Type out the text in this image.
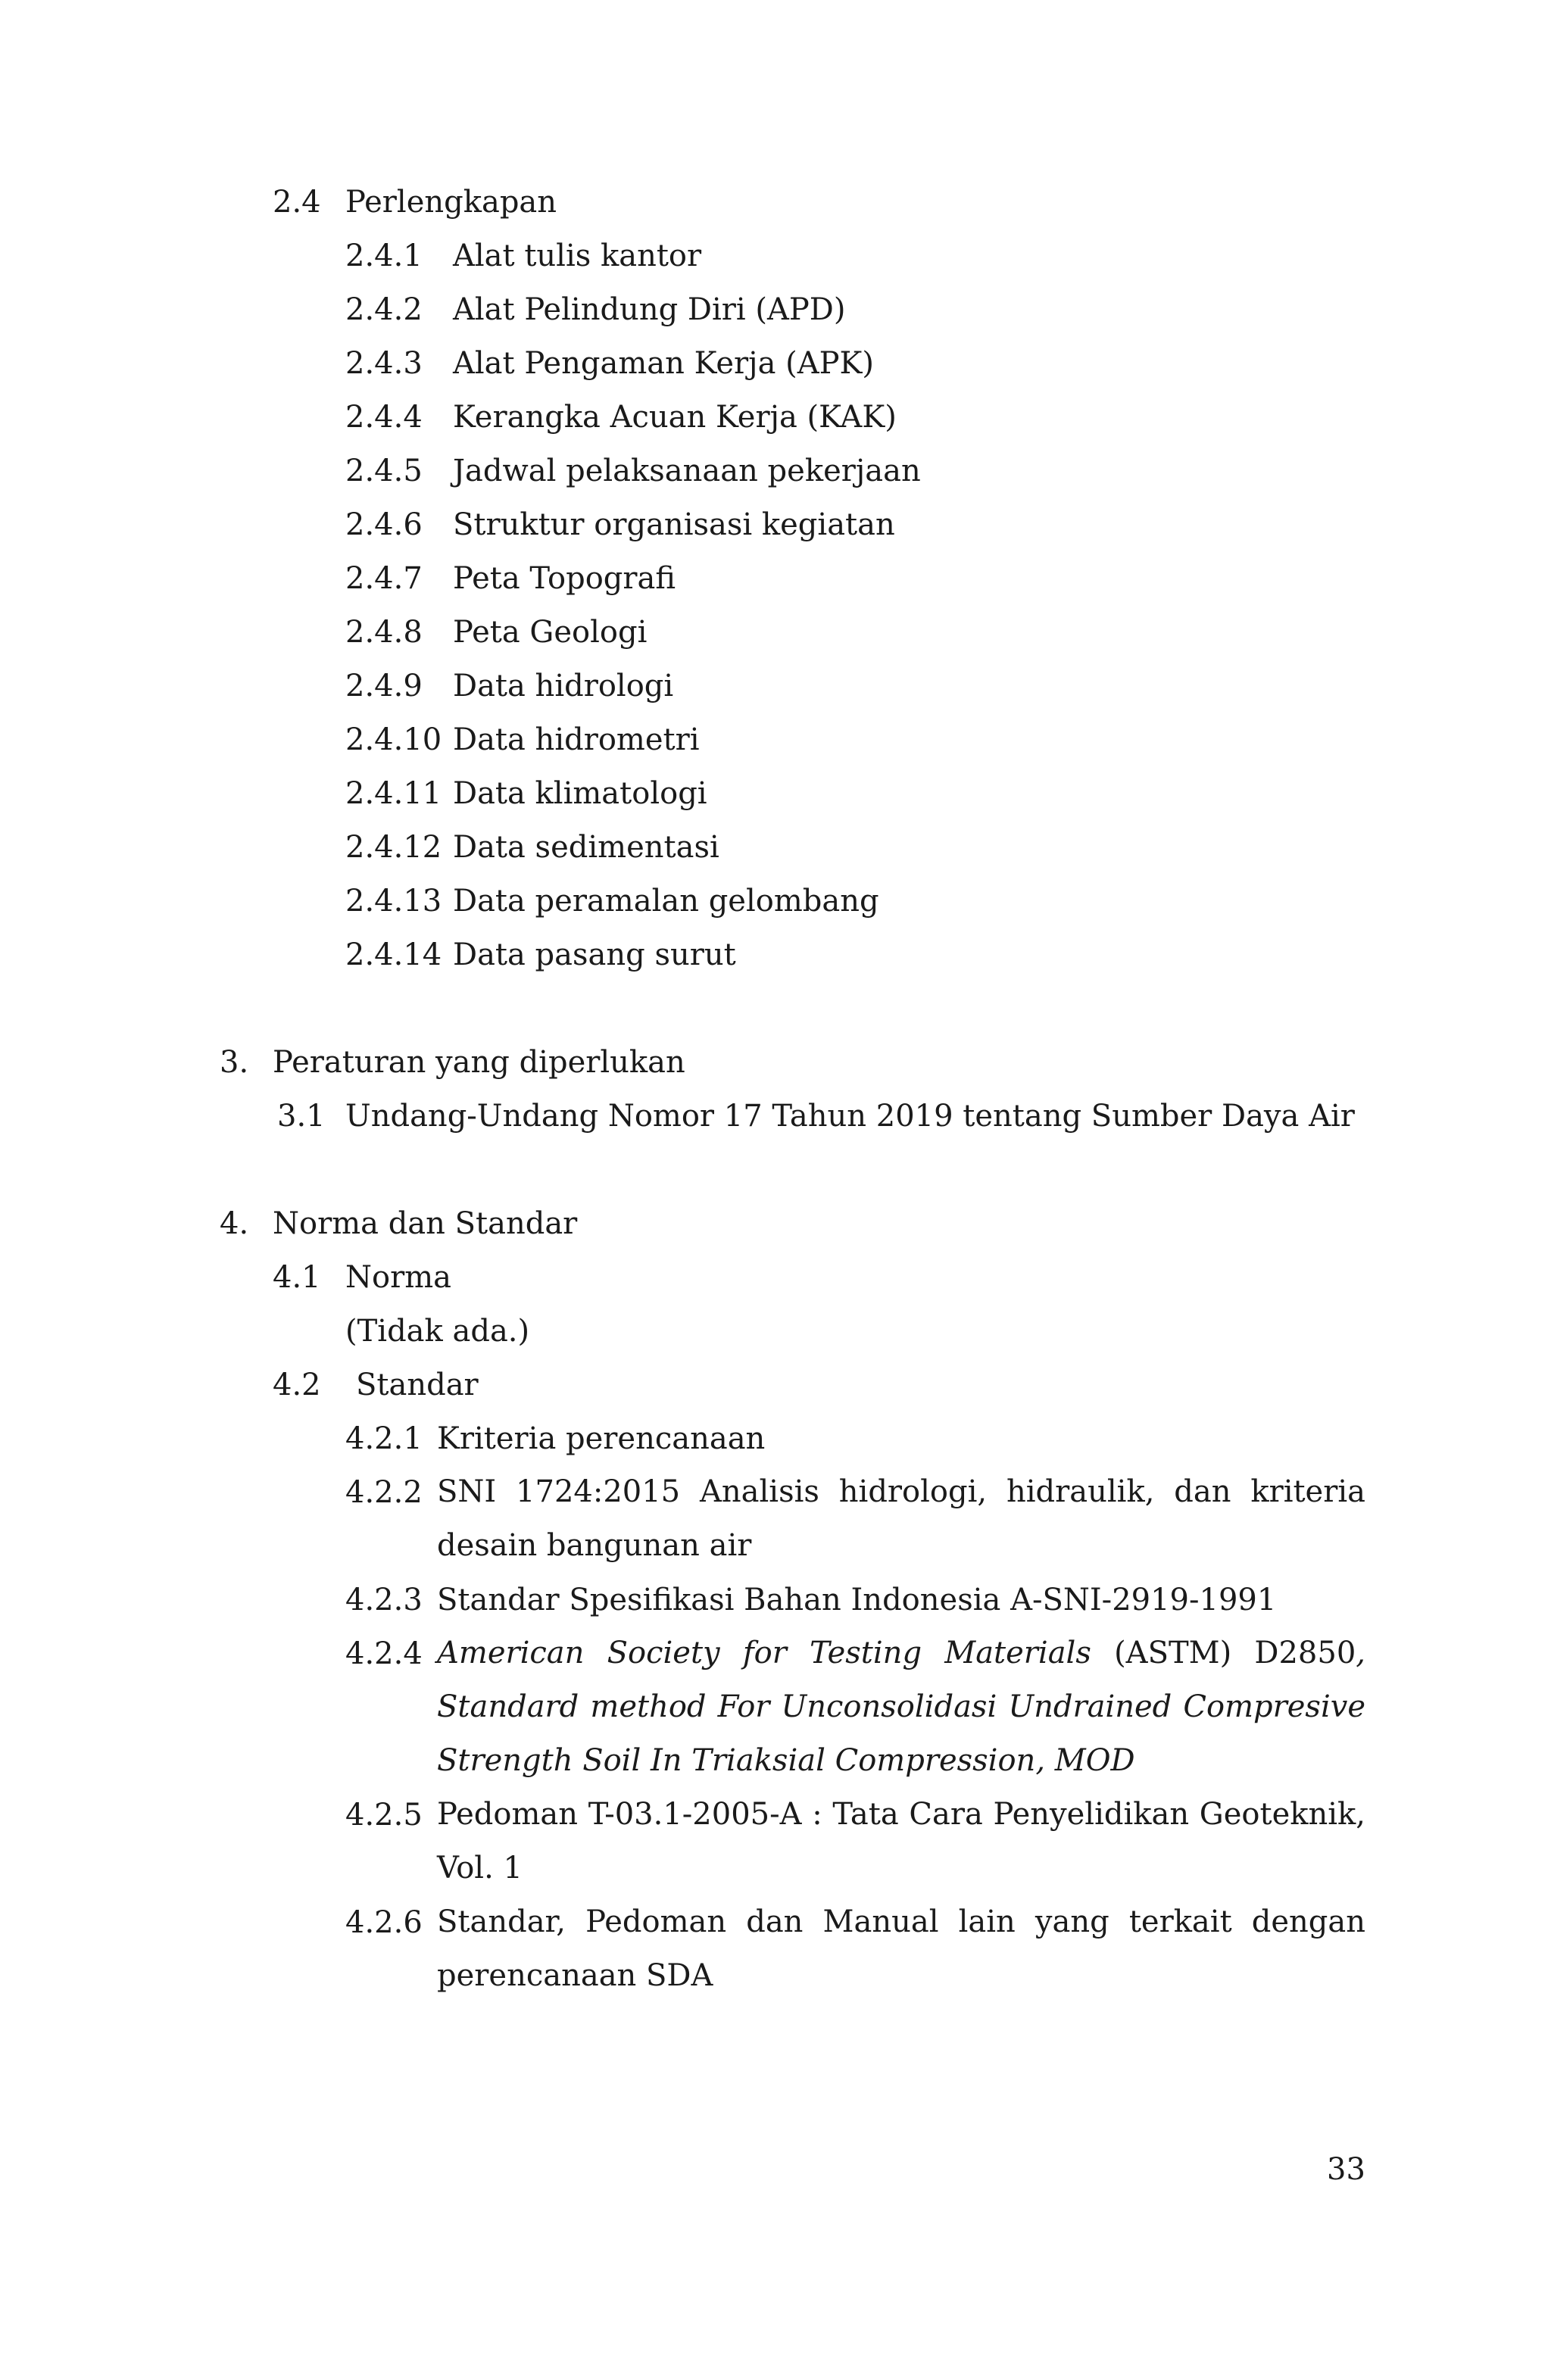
2.4 Perlengkapan
2.4.1 Alat tulis kantor
2.4.2 Alat Pelindung Diri (APD)
2.4.3 Alat Pengaman Kerja (APK)
2.4.4 Kerangka Acuan Kerja (KAK)
2.4.5 Jadwal pelaksanaan pekerjaan
2.4.6 Struktur organisasi kegiatan
2.4.7 Peta Topografi
2.4.8 Peta Geologi
2.4.9 Data hidrologi
2.4.10 Data hidrometri
2.4.11 Data klimatologi
2.4.12 Data sedimentasi
2.4.13 Data peramalan gelombang
2.4.14 Data pasang surut
3. Peraturan yang diperlukan
3.1 Undang-Undang Nomor 17 Tahun 2019 tentang Sumber Daya Air
4. Norma dan Standar
4.1 Norma
(Tidak ada.)
4.2 Standar
4.2.1 Kriteria perencanaan
4.2.2 SNI 1724:2015 Analisis hidrologi, hidraulik, dan kriteria desain bangunan air
4.2.3 Standar Spesifikasi Bahan Indonesia A-SNI-2919-1991
4.2.4 American Society for Testing Materials (ASTM) D2850, Standard method For Unconsolidasi Undrained Compresive Strength Soil In Triaksial Compression, MOD
4.2.5 Pedoman T-03.1-2005-A : Tata Cara Penyelidikan Geoteknik, Vol. 1
4.2.6 Standar, Pedoman dan Manual lain yang terkait dengan perencanaan SDA
33
